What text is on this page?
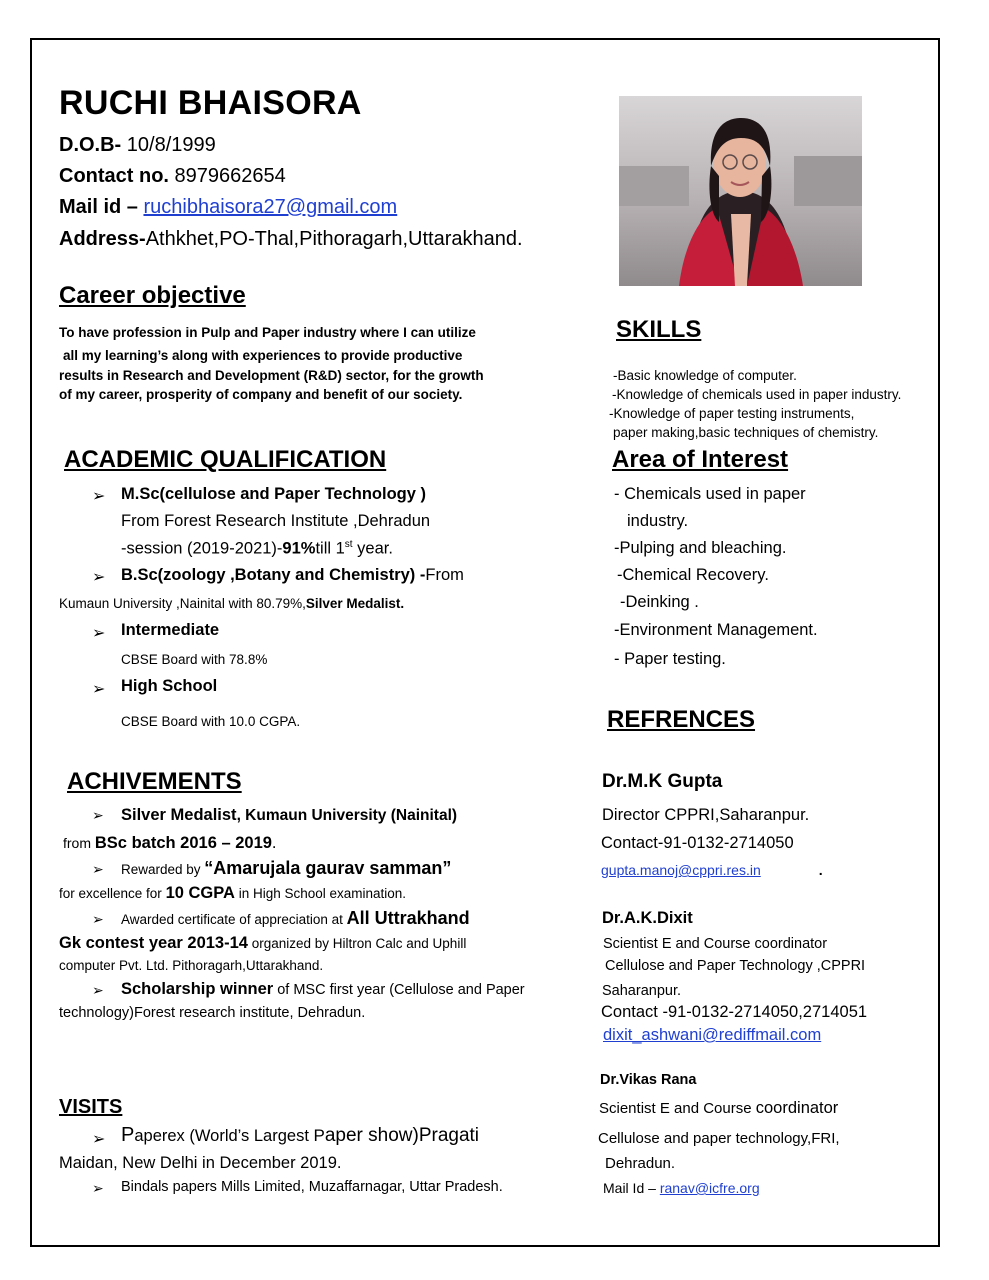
RUCHI BHAISORA
D.O.B- 10/8/1999
Contact no. 8979662654
Mail id – ruchibhaisora27@gmail.com
Address-Athkhet,PO-Thal,Pithoragarh,Uttarakhand.
Career objective
To have profession in Pulp and Paper industry where I can utilize
all my learning’s along with experiences to provide productive
results in Research and Development (R&D) sector, for the growth
of my career, prosperity of company and benefit of our society.
SKILLS
-Basic knowledge of computer.
-Knowledge of chemicals used in paper industry.
-Knowledge of paper testing instruments,
paper making,basic techniques of chemistry.
ACADEMIC QUALIFICATION
➢ M.Sc(cellulose and Paper Technology )
From Forest Research Institute ,Dehradun
-session (2019-2021)-91%till 1st year.
➢ B.Sc(zoology ,Botany and Chemistry) -From
Kumaun University ,Nainital with 80.79%,Silver Medalist.
➢ Intermediate
CBSE Board with 78.8%
➢ High School
CBSE Board with 10.0 CGPA.
Area of Interest
- Chemicals used in paper
industry.
-Pulping and bleaching.
-Chemical Recovery.
-Deinking .
-Environment Management.
- Paper testing.
ACHIVEMENTS
➢ Silver Medalist, Kumaun University (Nainital)
from BSc batch 2016 – 2019.
➢ Rewarded by “Amarujala gaurav samman”
for excellence for 10 CGPA in High School examination.
➢ Awarded certificate of appreciation at All Uttrakhand
Gk contest year 2013-14 organized by Hiltron Calc and Uphill
computer Pvt. Ltd. Pithoragarh,Uttarakhand.
➢ Scholarship winner of MSC first year (Cellulose and Paper
technology)Forest research institute, Dehradun.
VISITS
➢ Paperex (World’s Largest Paper show)Pragati
Maidan, New Delhi in December 2019.
➢ Bindals papers Mills Limited, Muzaffarnagar, Uttar Pradesh.
REFRENCES
Dr.M.K Gupta
Director CPPRI,Saharanpur.
Contact-91-0132-2714050
gupta.manoj@cppri.res.in	.
Dr.A.K.Dixit
Scientist E and Course coordinator
Cellulose and Paper Technology ,CPPRI
Saharanpur.
Contact -91-0132-2714050,2714051
dixit_ashwani@rediffmail.com
Dr.Vikas Rana
Scientist E and Course coordinator
Cellulose and paper technology,FRI,
Dehradun.
Mail Id – ranav@icfre.org
